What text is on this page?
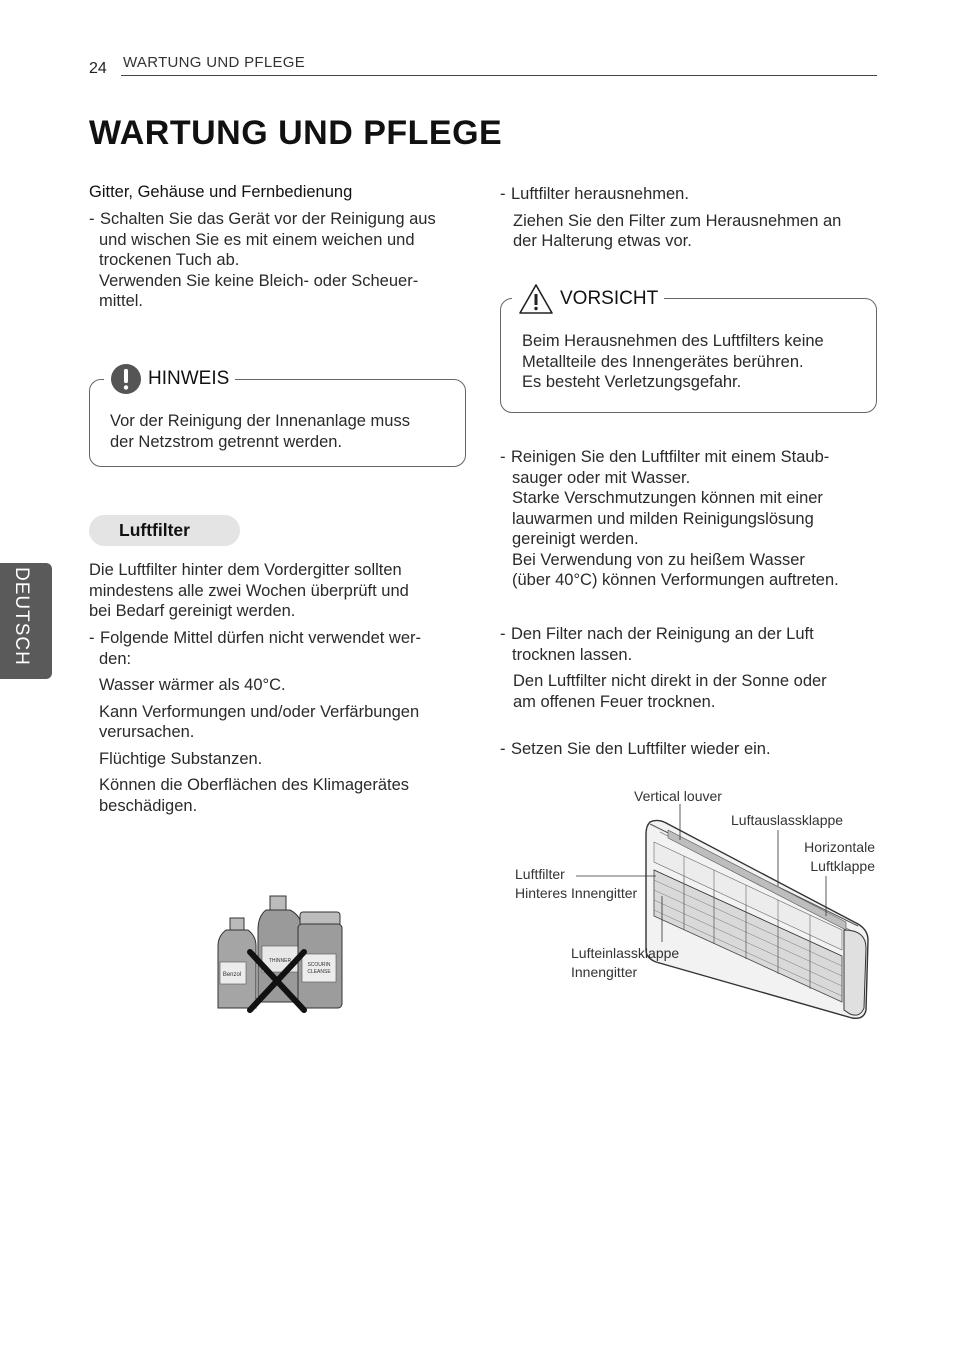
24 WARTUNG UND PFLEGE
WARTUNG UND PFLEGE
DEUTSCH
Gitter, Gehäuse und Fernbedienung
- Schalten Sie das Gerät vor der Reinigung aus
und wischen Sie es mit einem weichen und
trockenen Tuch ab.
Verwenden Sie keine Bleich- oder Scheuer-
mittel.
HINWEIS
Vor der Reinigung der Innenanlage muss
der Netzstrom getrennt werden.
Luftfilter
Die Luftfilter hinter dem Vordergitter sollten
mindestens alle zwei Wochen überprüft und
bei Bedarf gereinigt werden.
- Folgende Mittel dürfen nicht verwendet wer-
den:
Wasser wärmer als 40°C.
Kann Verformungen und/oder Verfärbungen
verursachen.
Flüchtige Substanzen.
Können die Oberflächen des Klimagerätes
beschädigen.
THINNER
Benzol
SCOURIN
CLEANSE
- Luftfilter herausnehmen.
Ziehen Sie den Filter zum Herausnehmen an
der Halterung etwas vor.
VORSICHT
Beim Herausnehmen des Luftfilters keine
Metallteile des Innengerätes berühren.
Es besteht Verletzungsgefahr.
- Reinigen Sie den Luftfilter mit einem Staub-
sauger oder mit Wasser.
Starke Verschmutzungen können mit einer
lauwarmen und milden Reinigungslösung
gereinigt werden.
Bei Verwendung von zu heißem Wasser
(über 40°C) können Verformungen auftreten.
- Den Filter nach der Reinigung an der Luft
trocknen lassen.
Den Luftfilter nicht direkt in der Sonne oder
am offenen Feuer trocknen.
- Setzen Sie den Luftfilter wieder ein.
Vertical louver
Luftauslassklappe
Horizontale
Luftklappe
Luftfilter
Hinteres Innengitter
Lufteinlassklappe
Innengitter
